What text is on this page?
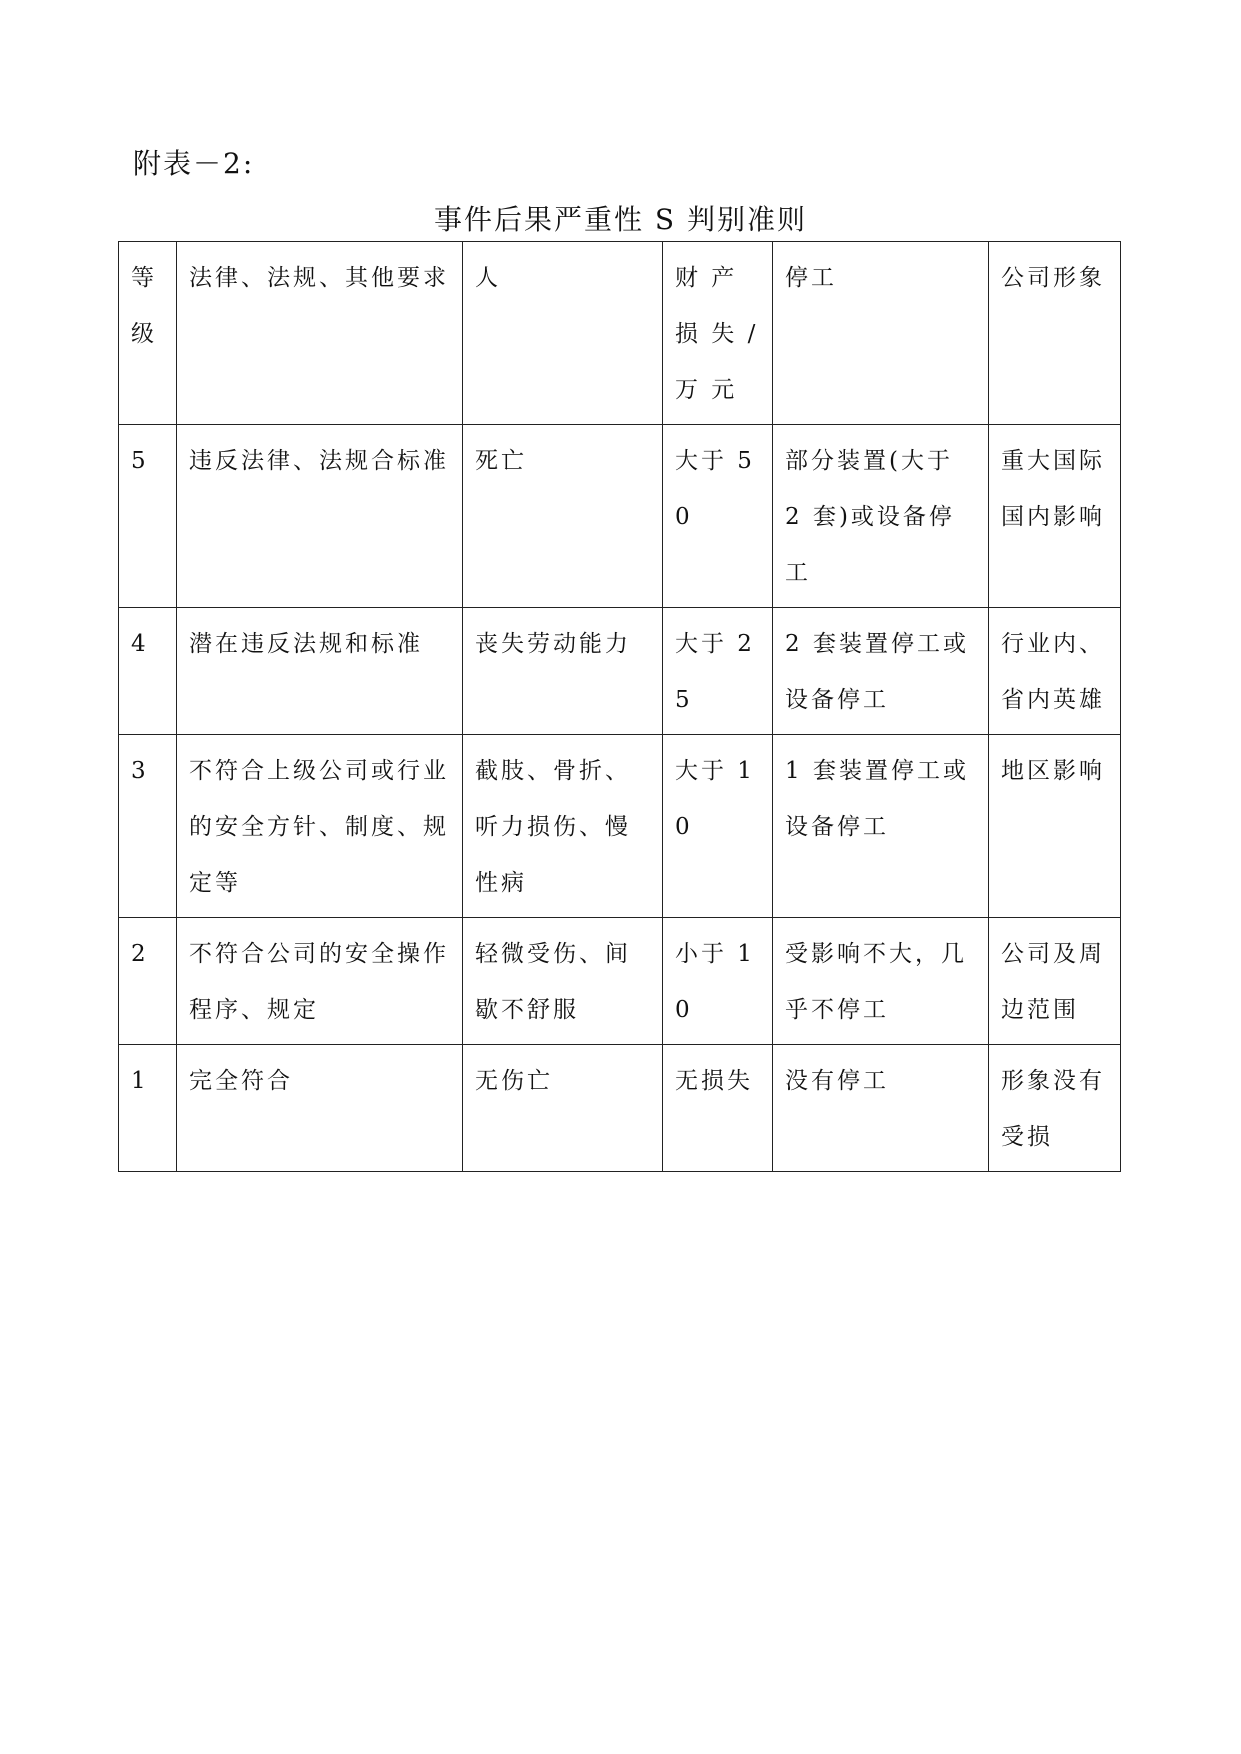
附表－2:
事件后果严重性 S 判别准则
等级	法律、法规、其他要求	人	财 产 损 失 / 万 元	停工	公司形象
5	违反法律、法规合标准	死亡	大于 50	部分装置(大于 2 套)或设备停工	重大国际国内影响
4	潜在违反法规和标准	丧失劳动能力	大于 25	2 套装置停工或设备停工	行业内、省内英雄
3	不符合上级公司或行业的安全方针、制度、规定等	截肢、骨折、听力损伤、慢性病	大于 10	1 套装置停工或设备停工	地区影响
2	不符合公司的安全操作程序、规定	轻微受伤、间歇不舒服	小于 10	受影响不大，几乎不停工	公司及周边范围
1	完全符合	无伤亡	无损失	没有停工	形象没有受损
